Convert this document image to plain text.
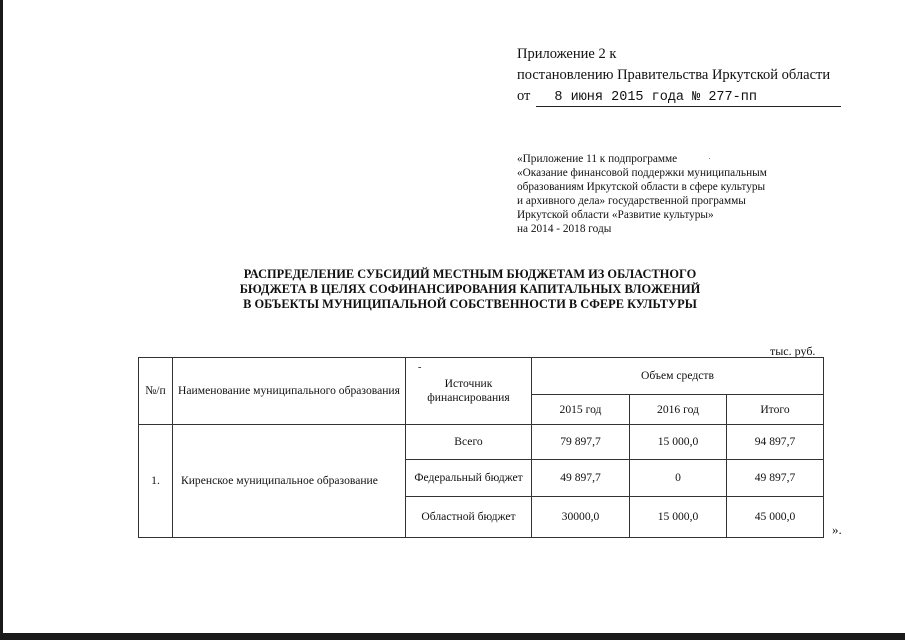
Приложение 2 к
постановлению Правительства Иркутской области
от 8 июня 2015 года № 277-пп
«Приложение 11 к подпрограмме
«Оказание финансовой поддержки муниципальным
образованиям Иркутской области в сфере культуры
и архивного дела» государственной программы
Иркутской области «Развитие культуры»
на 2014 - 2018 годы
РАСПРЕДЕЛЕНИЕ СУБСИДИЙ МЕСТНЫМ БЮДЖЕТАМ ИЗ ОБЛАСТНОГО
БЮДЖЕТА В ЦЕЛЯХ СОФИНАНСИРОВАНИЯ КАПИТАЛЬНЫХ ВЛОЖЕНИЙ
В ОБЪЕКТЫ МУНИЦИПАЛЬНОЙ СОБСТВЕННОСТИ В СФЕРЕ КУЛЬТУРЫ
тыс. руб.
№/п	Наименование муниципального образования	Источник финансирования	Объем средств		
			2015 год	2016 год	Итого
1.	Киренское муниципальное образование	Всего	79 897,7	15 000,0	94 897,7
		Федеральный бюджет	49 897,7	0	49 897,7
		Областной бюджет	30000,0	15 000,0	45 000,0
-
».
